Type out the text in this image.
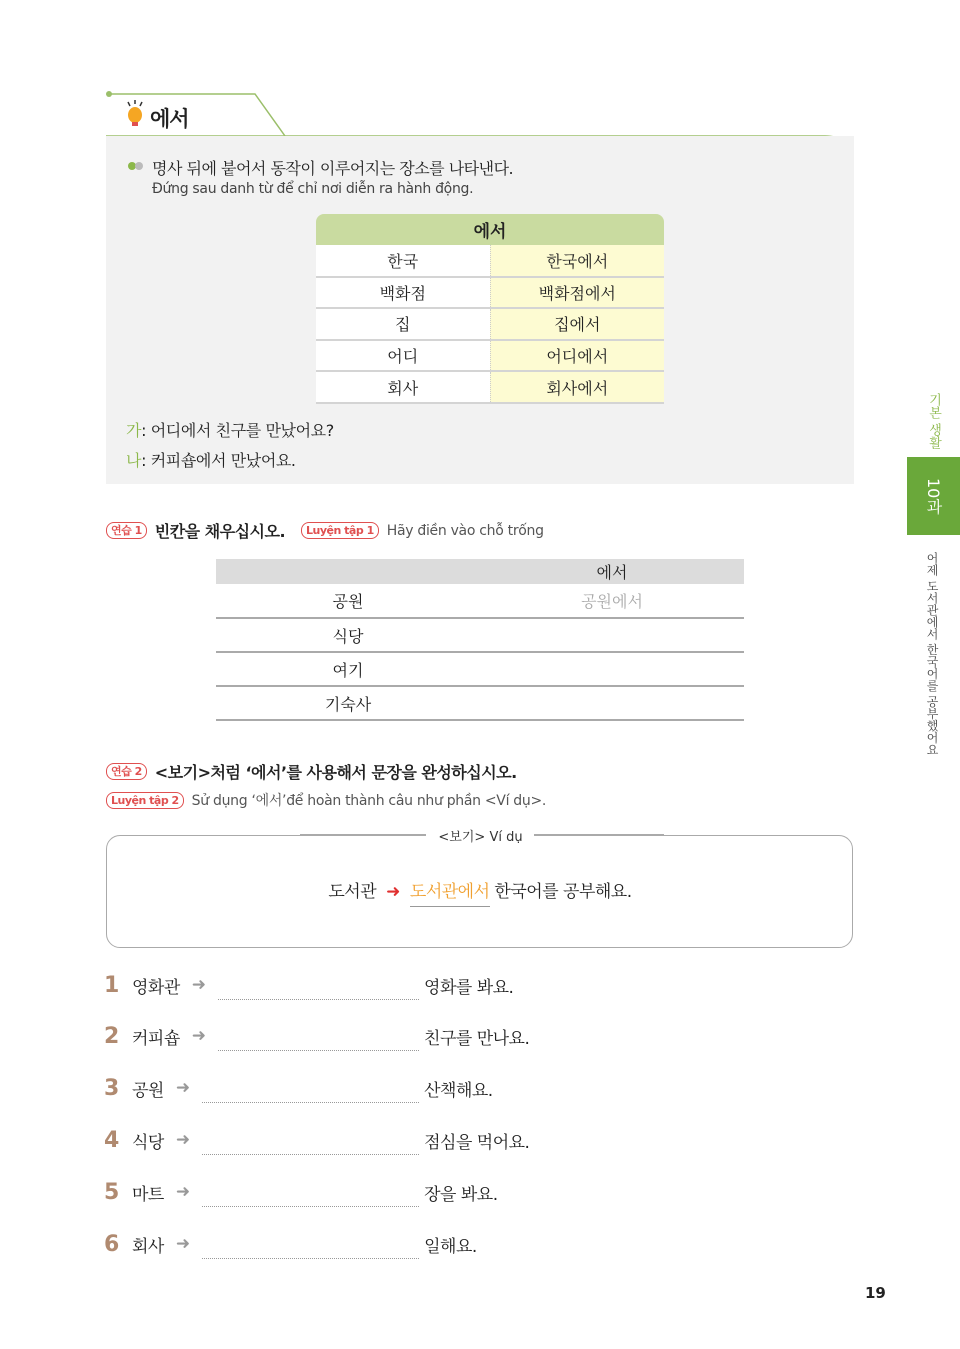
에서
명사 뒤에 붙어서 동작이 이루어지는 장소를 나타낸다.
Đứng sau danh từ để chỉ nơi diễn ra hành động.
에서	
한국	한국에서
백화점	백화점에서
집	집에서
어디	어디에서
회사	회사에서
가: 어디에서 친구를 만났어요?
나: 커피숍에서 만났어요.
연습 1 빈칸을 채우십시오.	Luyện tập 1 Hãy điền vào chỗ trống
	에서
공원	공원에서
식당	
여기	
기숙사	
연습 2 <보기>처럼 ‘에서’를 사용해서 문장을 완성하십시오.
Luyện tập 2 Sử dụng ‘에서’để hoàn thành câu như phần <Ví dụ>.
<보기> Ví dụ
도서관 ➜ 도서관에서 한국어를 공부해요.
1 영화관 ➜	영화를 봐요.
2 커피숍 ➜	친구를 만나요.
3 공원 ➜	산책해요.
4 식당 ➜	점심을 먹어요.
5 마트 ➜	장을 봐요.
6 회사 ➜	일해요.
기본 생활
10과
어제 도서관에서 한국어를 공부했어요
19
